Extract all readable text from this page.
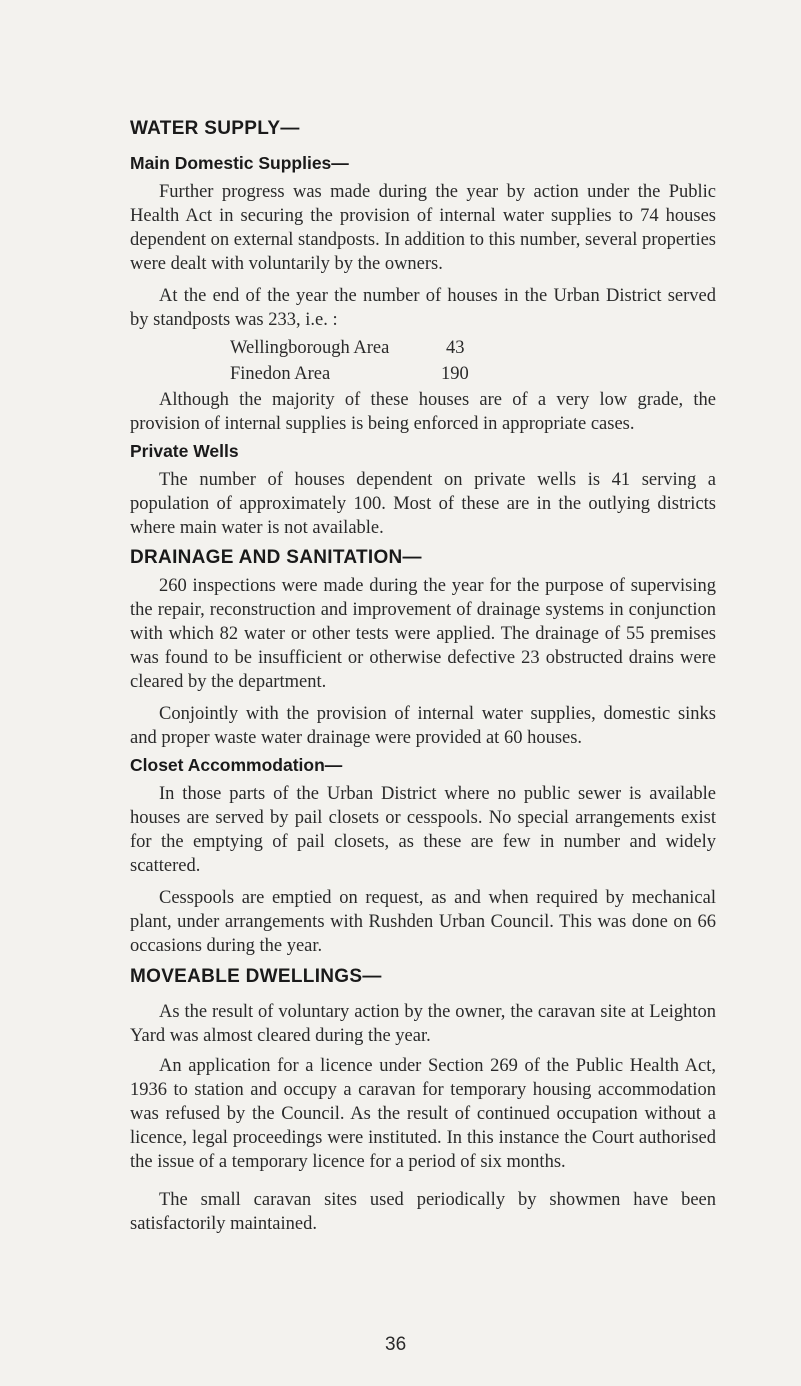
WATER SUPPLY—
Main Domestic Supplies—

Further progress was made during the year by action under the Public Health Act in securing the provision of internal water supplies to 74 houses dependent on external standposts. In addition to this number, several properties were dealt with voluntarily by the owners.

At the end of the year the number of houses in the Urban District served by standposts was 233, i.e. :

Wellingborough Area	43
Finedon Area	190

Although the majority of these houses are of a very low grade, the provision of internal supplies is being enforced in appropriate cases.

Private Wells

The number of houses dependent on private wells is 41 serving a population of approximately 100. Most of these are in the outlying districts where main water is not available.

DRAINAGE AND SANITATION—

260 inspections were made during the year for the purpose of supervising the repair, reconstruction and improvement of drainage systems in conjunction with which 82 water or other tests were applied. The drainage of 55 premises was found to be insufficient or otherwise defective 23 obstructed drains were cleared by the department.

Conjointly with the provision of internal water supplies, domestic sinks and proper waste water drainage were provided at 60 houses.

Closet Accommodation—

In those parts of the Urban District where no public sewer is available houses are served by pail closets or cesspools. No special arrangements exist for the emptying of pail closets, as these are few in number and widely scattered.

Cesspools are emptied on request, as and when required by mechanical plant, under arrangements with Rushden Urban Council. This was done on 66 occasions during the year.

MOVEABLE DWELLINGS—

As the result of voluntary action by the owner, the caravan site at Leighton Yard was almost cleared during the year.

An application for a licence under Section 269 of the Public Health Act, 1936 to station and occupy a caravan for temporary housing accommodation was refused by the Council. As the result of continued occupation without a licence, legal proceedings were instituted. In this instance the Court authorised the issue of a temporary licence for a period of six months.

The small caravan sites used periodically by showmen have been satisfactorily maintained.

36
